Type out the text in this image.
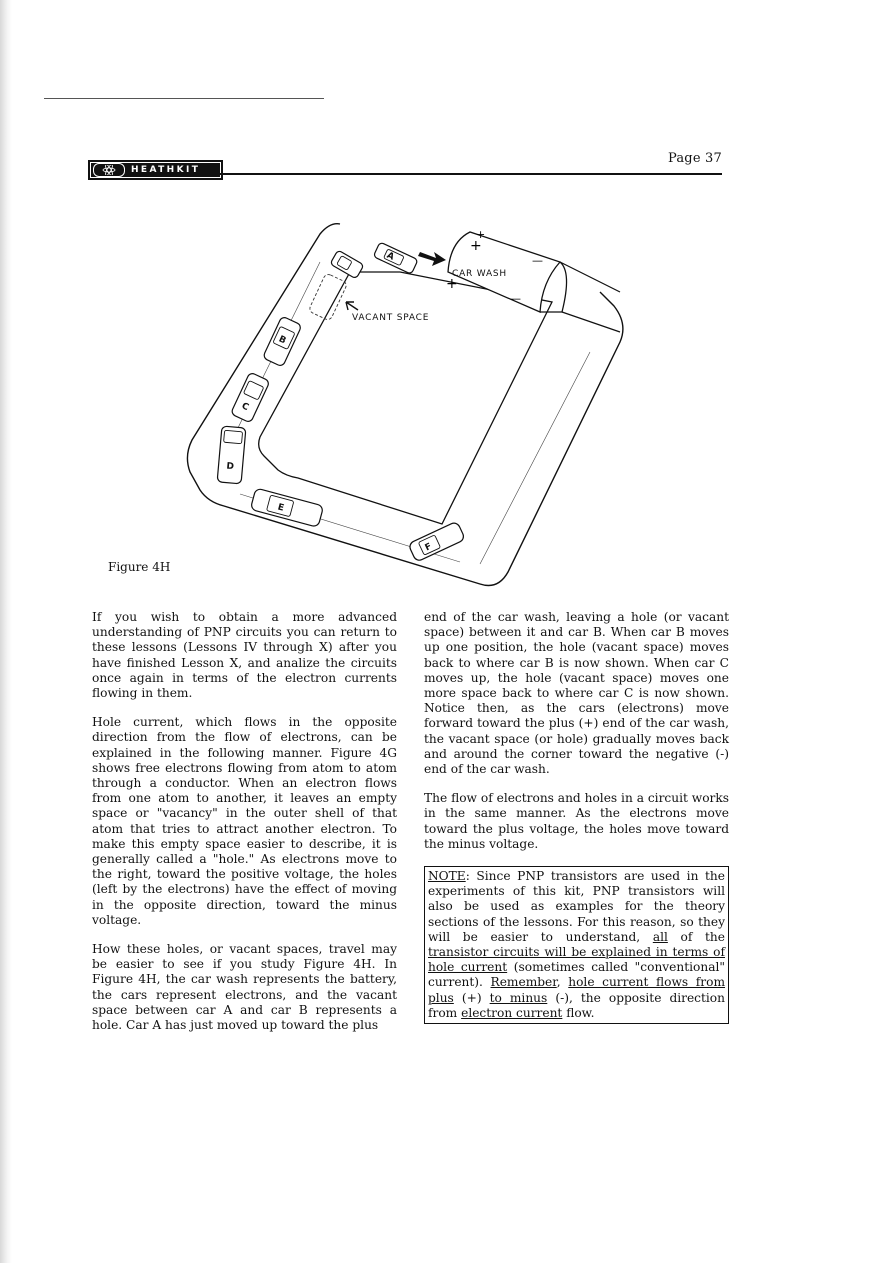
HEATHKIT
Page 37
+
+
+
—
—
CAR WASH
A
VACANT SPACE
B
C
D
E
F
Figure 4H

If you wish to obtain a more advanced understanding of PNP circuits you can return to these lessons (Lessons IV through X) after you have finished Lesson X, and analize the circuits once again in terms of the electron currents flowing in them.

Hole current, which flows in the opposite direction from the flow of electrons, can be explained in the following manner. Figure 4G shows free electrons flowing from atom to atom through a conductor. When an electron flows from one atom to another, it leaves an empty space or "vacancy" in the outer shell of that atom that tries to attract another electron. To make this empty space easier to describe, it is generally called a "hole." As electrons move to the right, toward the positive voltage, the holes (left by the electrons) have the effect of moving in the opposite direction, toward the minus voltage.

How these holes, or vacant spaces, travel may be easier to see if you study Figure 4H. In Figure 4H, the car wash represents the battery, the cars represent electrons, and the vacant space between car A and car B represents a hole. Car A has just moved up toward the plus

end of the car wash, leaving a hole (or vacant space) between it and car B. When car B moves up one position, the hole (vacant space) moves back to where car B is now shown. When car C moves up, the hole (vacant space) moves one more space back to where car C is now shown. Notice then, as the cars (electrons) move forward toward the plus (+) end of the car wash, the vacant space (or hole) gradually moves back and around the corner toward the negative (-) end of the car wash.

The flow of electrons and holes in a circuit works in the same manner. As the electrons move toward the plus voltage, the holes move toward the minus voltage.

NOTE: Since PNP transistors are used in the experiments of this kit, PNP transistors will also be used as examples for the theory sections of the lessons. For this reason, so they will be easier to understand, all of the transistor circuits will be explained in terms of hole current (sometimes called "conventional" current). Remember, hole current flows from plus (+) to minus (-), the opposite direction from electron current flow.
